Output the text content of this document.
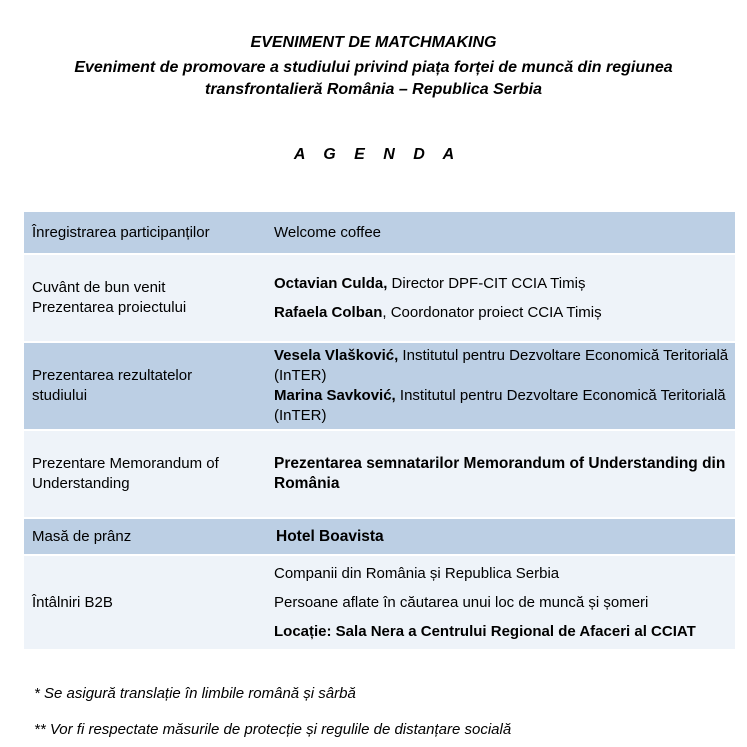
EVENIMENT DE MATCHMAKING
Eveniment de promovare a studiului privind piața forței de muncă din regiunea transfrontalieră România – Republica Serbia
A G E N D A
Înregistrarea participanților	Welcome coffee

Cuvânt de bun venit
Prezentarea proiectului	Octavian Culda, Director DPF-CIT CCIA Timiș
Rafaela Colban, Coordonator proiect CCIA Timiș

Prezentarea rezultatelor studiului	Vesela Vlašković, Institutul pentru Dezvoltare Economică Teritorială (InTER)
Marina Savković, Institutul pentru Dezvoltare Economică Teritorială (InTER)

Prezentare Memorandum of Understanding	Prezentarea semnatarilor Memorandum of Understanding din România

Masă de prânz	Hotel Boavista

Întâlniri B2B	Companii din România și Republica Serbia
Persoane aflate în căutarea unui loc de muncă și șomeri
Locație: Sala Nera a Centrului Regional de Afaceri al CCIAT
* Se asigură translație în limbile română și sârbă
** Vor fi respectate măsurile de protecție și regulile de distanțare socială
